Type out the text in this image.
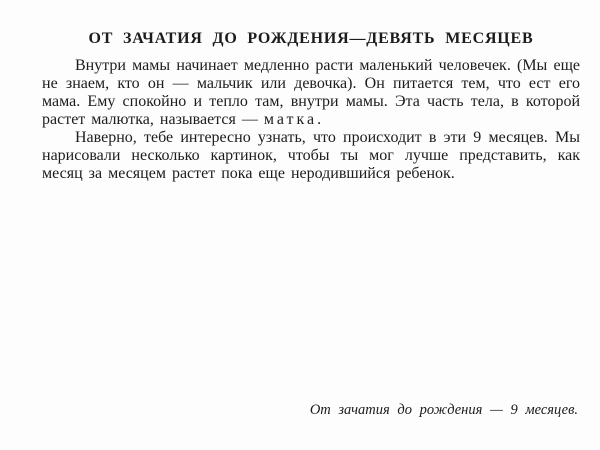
ОТ ЗАЧАТИЯ ДО РОЖДЕНИЯ—ДЕВЯТЬ МЕСЯЦЕВ

Внутри мамы начинает медленно расти маленький человечек. (Мы еще не знаем, кто он — мальчик или девочка). Он питается тем, что ест его мама. Ему спокойно и тепло там, внутри мамы. Эта часть тела, в которой растет малютка, называется — матка.

Наверно, тебе интересно узнать, что происходит в эти 9 месяцев. Мы нарисовали несколько картинок, чтобы ты мог лучше представить, как месяц за месяцем растет пока еще неродившийся ребенок.

От зачатия до рождения — 9 месяцев.
